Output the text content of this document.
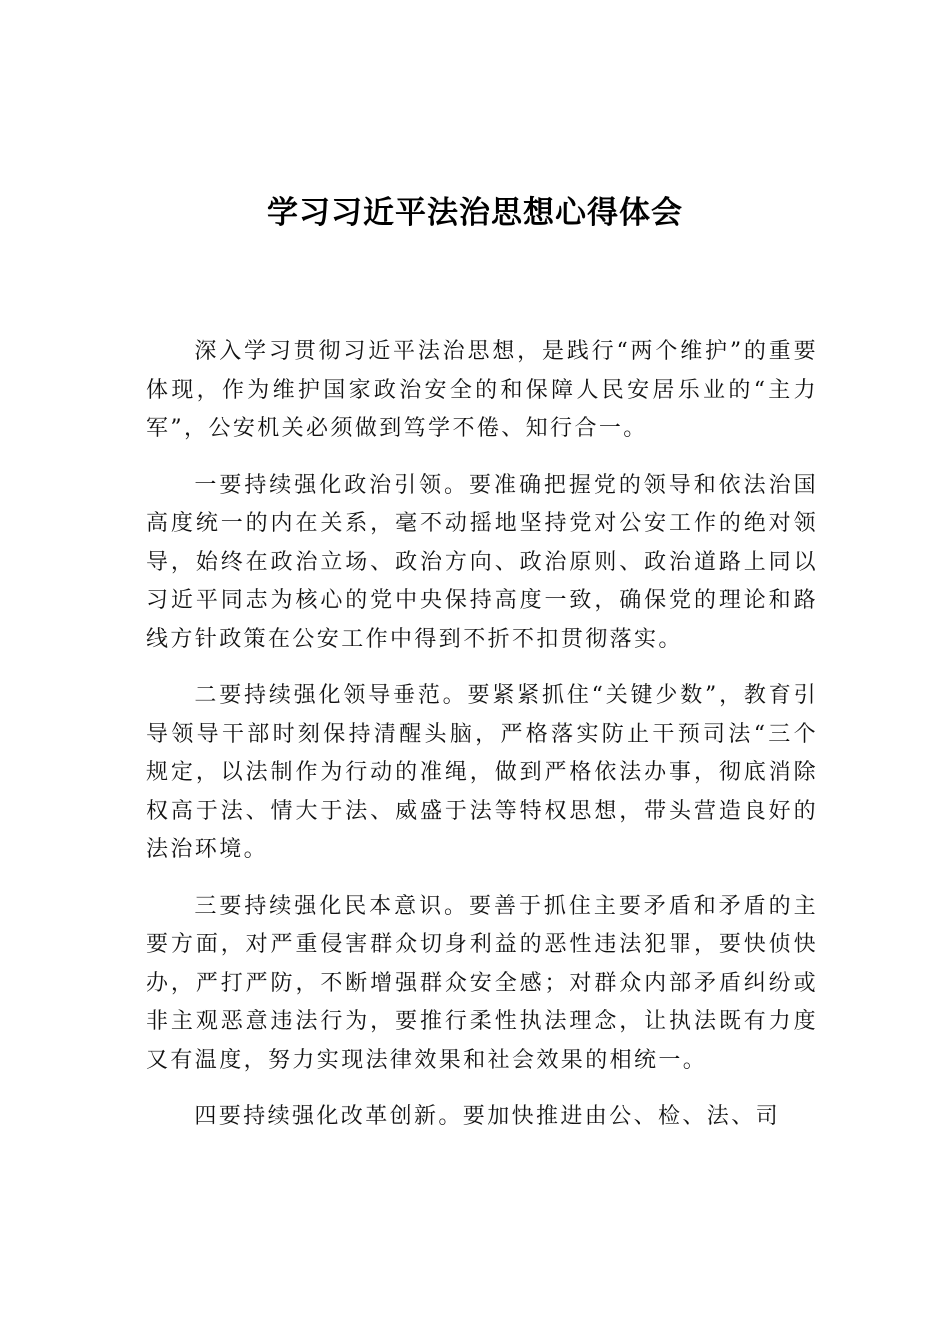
学习习近平法治思想心得体会

深入学习贯彻习近平法治思想，是践行“两个维护”的重要体现，作为维护国家政治安全的和保障人民安居乐业的“主力军”，公安机关必须做到笃学不倦、知行合一。

一要持续强化政治引领。要准确把握党的领导和依法治国高度统一的内在关系，毫不动摇地坚持党对公安工作的绝对领导，始终在政治立场、政治方向、政治原则、政治道路上同以习近平同志为核心的党中央保持高度一致，确保党的理论和路线方针政策在公安工作中得到不折不扣贯彻落实。

二要持续强化领导垂范。要紧紧抓住“关键少数”，教育引导领导干部时刻保持清醒头脑，严格落实防止干预司法“三个规定，以法制作为行动的准绳，做到严格依法办事，彻底消除权高于法、情大于法、威盛于法等特权思想，带头营造良好的法治环境。

三要持续强化民本意识。要善于抓住主要矛盾和矛盾的主要方面，对严重侵害群众切身利益的恶性违法犯罪，要快侦快办，严打严防，不断增强群众安全感；对群众内部矛盾纠纷或非主观恶意违法行为，要推行柔性执法理念，让执法既有力度又有温度，努力实现法律效果和社会效果的相统一。

四要持续强化改革创新。要加快推进由公、检、法、司
